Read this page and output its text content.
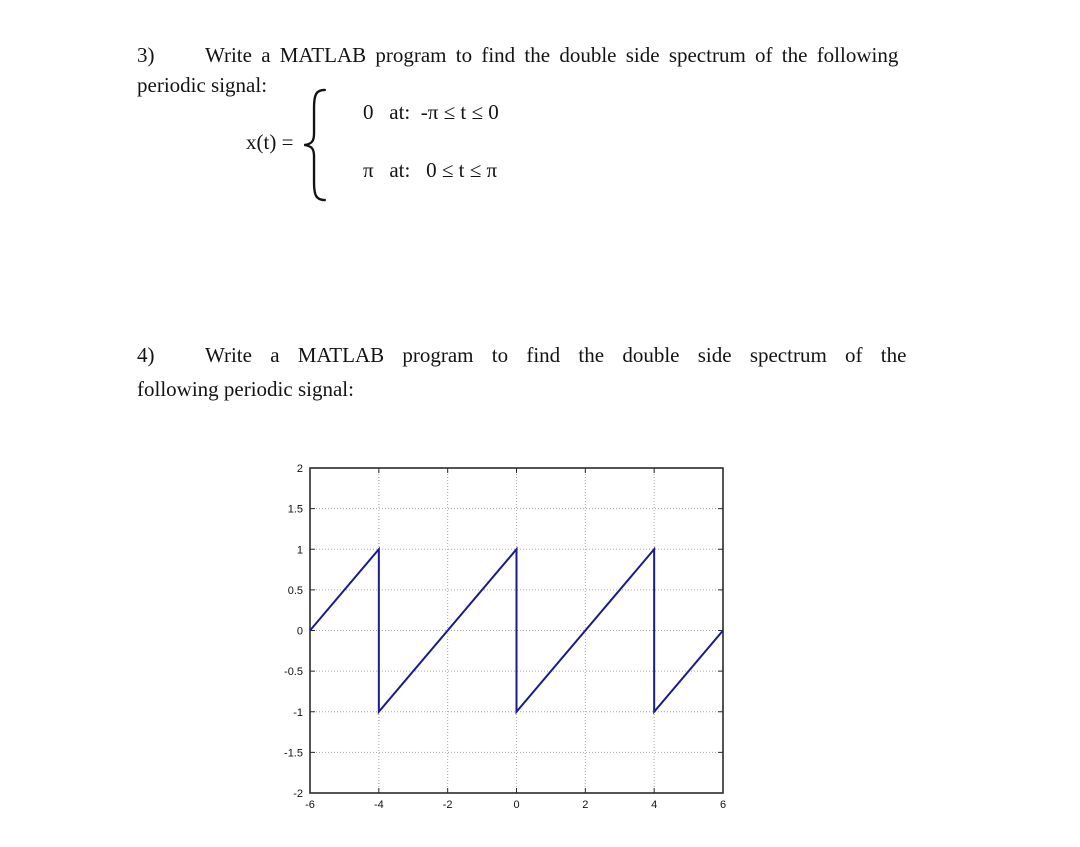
3) Write a MATLAB program to find the double side spectrum of the following
periodic signal:
x(t) =
0   at:  -π ≤ t ≤ 0
π   at:   0 ≤ t ≤ π
4) Write a MATLAB program to find the double side spectrum of the
following periodic signal:
-6	-4	-2	0	2	4	6
-2
-1.5
-1
-0.5
0
0.5
1
1.5
2
